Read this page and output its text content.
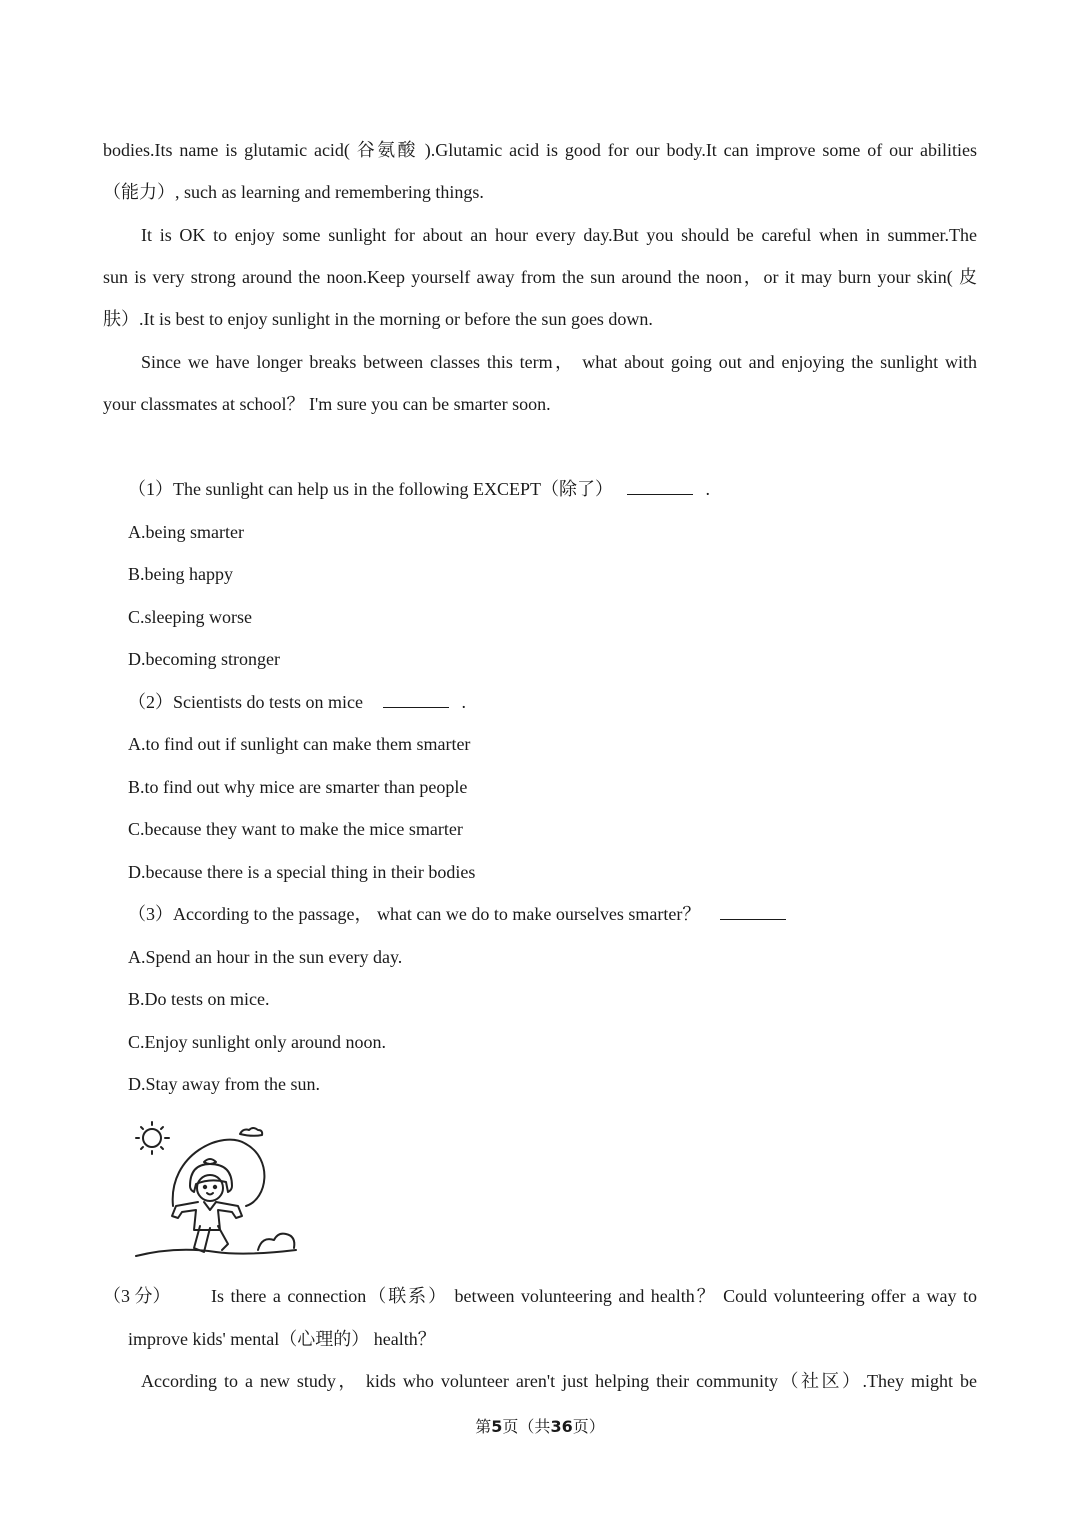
bodies.Its name is glutamic acid( 谷氨酸 ).Glutamic acid is good for our body.It can improve some of our abilities
（能力）, such as learning and remembering things.
It is OK to enjoy some sunlight for about an hour every day.But you should be careful when in summer.The
sun is very strong around the noon.Keep yourself away from the sun around the noon，or it may burn your skin( 皮
肤）.It is best to enjoy sunlight in the morning or before the sun goes down.
Since we have longer breaks between classes this term， what about going out and enjoying the sunlight with
your classmates at school？ I'm sure you can be smarter soon.
（1）The sunlight can help us in the following EXCEPT（除了）	.
A.being smarter
B.being happy
C.sleeping worse
D.becoming stronger
（2）Scientists do tests on mice	.
A.to find out if sunlight can make them smarter
B.to find out why mice are smarter than people
C.because they want to make the mice smarter
D.because there is a special thing in their bodies
（3）According to the passage， what can we do to make ourselves smarter？
A.Spend an hour in the sun every day.
B.Do tests on mice.
C.Enjoy sunlight only around noon.
D.Stay away from the sun.
（3 分） Is there a connection（联系） between volunteering and health？ Could volunteering offer a way to
improve kids' mental（心理的） health？
According to a new study， kids who volunteer aren't just helping their community（社区）.They might be
第5页（共36页）
